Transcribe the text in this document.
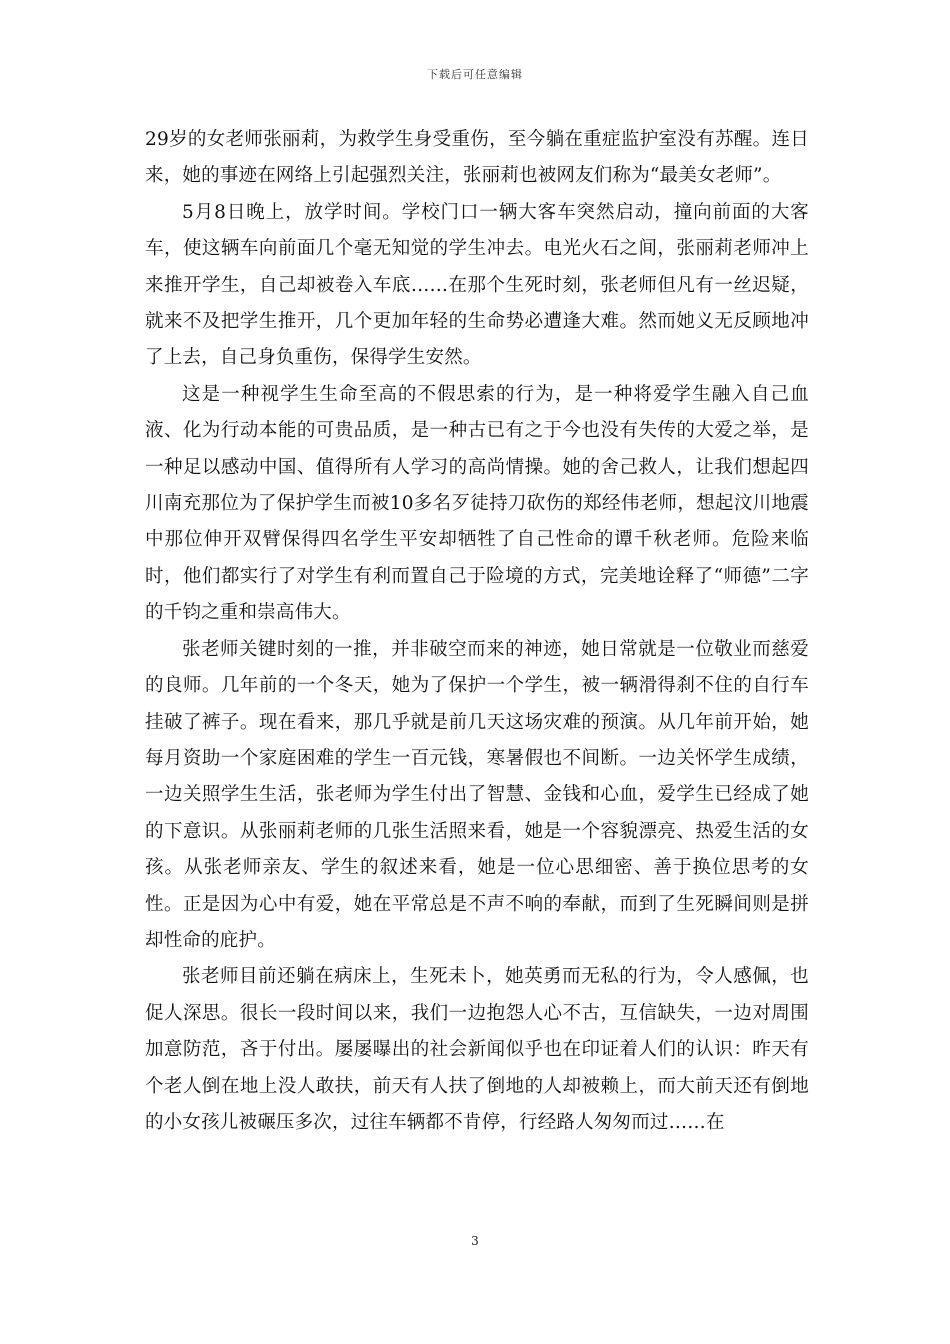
下载后可任意编辑

29岁的女老师张丽莉，为救学生身受重伤，至今躺在重症监护室没有苏醒。连日来，她的事迹在网络上引起强烈关注，张丽莉也被网友们称为“最美女老师”。

5月8日晚上，放学时间。学校门口一辆大客车突然启动，撞向前面的大客车，使这辆车向前面几个毫无知觉的学生冲去。电光火石之间，张丽莉老师冲上来推开学生，自己却被卷入车底……在那个生死时刻，张老师但凡有一丝迟疑，就来不及把学生推开，几个更加年轻的生命势必遭逢大难。然而她义无反顾地冲了上去，自己身负重伤，保得学生安然。

这是一种视学生生命至高的不假思索的行为，是一种将爱学生融入自己血液、化为行动本能的可贵品质，是一种古已有之于今也没有失传的大爱之举，是一种足以感动中国、值得所有人学习的高尚情操。她的舍己救人，让我们想起四川南充那位为了保护学生而被10多名歹徒持刀砍伤的郑经伟老师，想起汶川地震中那位伸开双臂保得四名学生平安却牺牲了自己性命的谭千秋老师。危险来临时，他们都实行了对学生有利而置自己于险境的方式，完美地诠释了“师德”二字的千钧之重和崇高伟大。

张老师关键时刻的一推，并非破空而来的神迹，她日常就是一位敬业而慈爱的良师。几年前的一个冬天，她为了保护一个学生，被一辆滑得刹不住的自行车挂破了裤子。现在看来，那几乎就是前几天这场灾难的预演。从几年前开始，她每月资助一个家庭困难的学生一百元钱，寒暑假也不间断。一边关怀学生成绩，一边关照学生生活，张老师为学生付出了智慧、金钱和心血，爱学生已经成了她的下意识。从张丽莉老师的几张生活照来看，她是一个容貌漂亮、热爱生活的女孩。从张老师亲友、学生的叙述来看，她是一位心思细密、善于换位思考的女性。正是因为心中有爱，她在平常总是不声不响的奉献，而到了生死瞬间则是拼却性命的庇护。

张老师目前还躺在病床上，生死未卜，她英勇而无私的行为，令人感佩，也促人深思。很长一段时间以来，我们一边抱怨人心不古，互信缺失，一边对周围加意防范，吝于付出。屡屡曝出的社会新闻似乎也在印证着人们的认识：昨天有个老人倒在地上没人敢扶，前天有人扶了倒地的人却被赖上，而大前天还有倒地的小女孩儿被碾压多次，过往车辆都不肯停，行经路人匆匆而过……在

3
